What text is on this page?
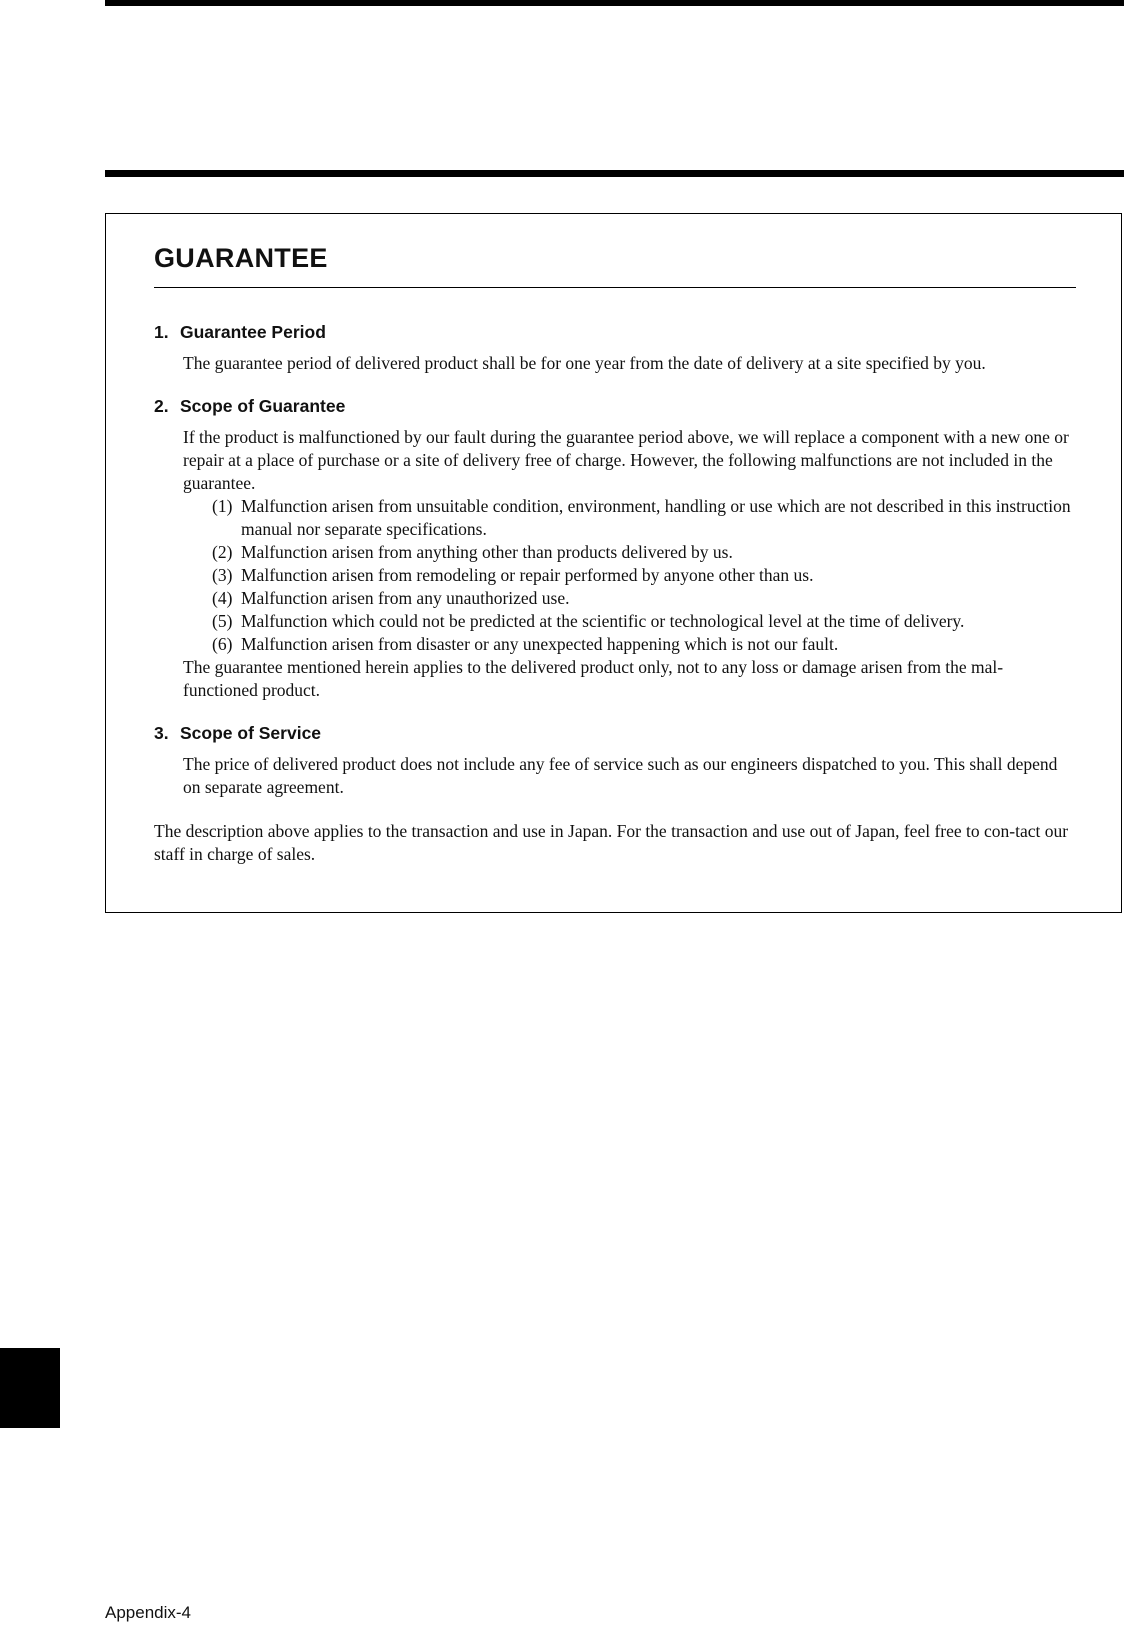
GUARANTEE
1. Guarantee Period

The guarantee period of delivered product shall be for one year from the date of delivery at a site specified by you.

2. Scope of Guarantee

If the product is malfunctioned by our fault during the guarantee period above, we will replace a component with a new one or repair at a place of purchase or a site of delivery free of charge. However, the following malfunctions are not included in the guarantee.

(1) Malfunction arisen from unsuitable condition, environment, handling or use which are not described in this instruction manual nor separate specifications.
(2) Malfunction arisen from anything other than products delivered by us.
(3) Malfunction arisen from remodeling or repair performed by anyone other than us.
(4) Malfunction arisen from any unauthorized use.
(5) Malfunction which could not be predicted at the scientific or technological level at the time of delivery.
(6) Malfunction arisen from disaster or any unexpected happening which is not our fault.

The guarantee mentioned herein applies to the delivered product only, not to any loss or damage arisen from the mal-functioned product.

3. Scope of Service

The price of delivered product does not include any fee of service such as our engineers dispatched to you. This shall depend on separate agreement.

The description above applies to the transaction and use in Japan. For the transaction and use out of Japan, feel free to con-tact our staff in charge of sales.

Appendix-4
